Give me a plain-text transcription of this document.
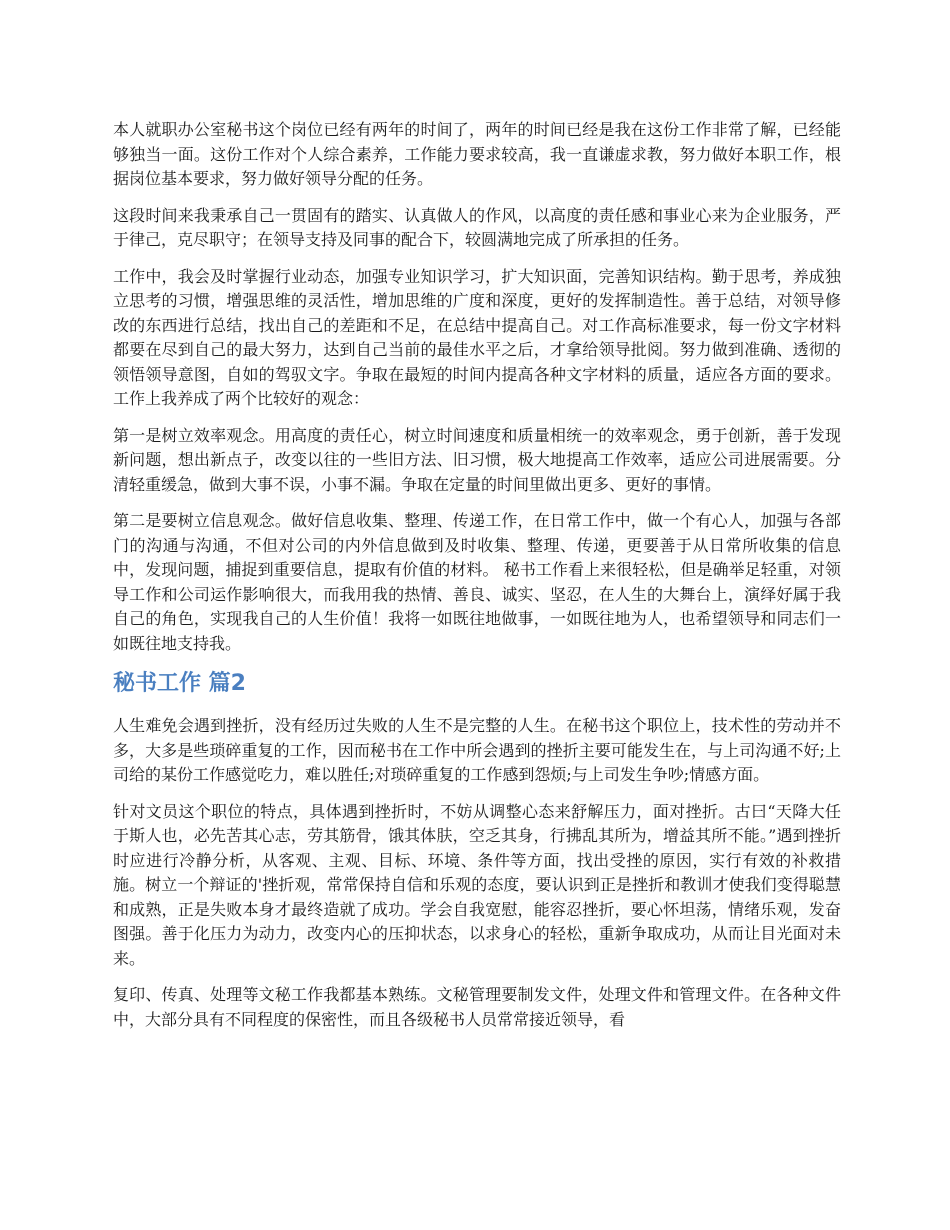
本人就职办公室秘书这个岗位已经有两年的时间了，两年的时间已经是我在这份工作非常了解，已经能够独当一面。这份工作对个人综合素养，工作能力要求较高，我一直谦虚求教，努力做好本职工作，根据岗位基本要求，努力做好领导分配的任务。

这段时间来我秉承自己一贯固有的踏实、认真做人的作风，以高度的责任感和事业心来为企业服务，严于律己，克尽职守；在领导支持及同事的配合下，较圆满地完成了所承担的任务。

工作中，我会及时掌握行业动态，加强专业知识学习，扩大知识面，完善知识结构。勤于思考，养成独立思考的习惯，增强思维的灵活性，增加思维的广度和深度，更好的发挥制造性。善于总结，对领导修改的东西进行总结，找出自己的差距和不足，在总结中提高自己。对工作高标准要求，每一份文字材料都要在尽到自己的最大努力，达到自己当前的最佳水平之后，才拿给领导批阅。努力做到准确、透彻的领悟领导意图，自如的驾驭文字。争取在最短的时间内提高各种文字材料的质量，适应各方面的要求。 工作上我养成了两个比较好的观念：

第一是树立效率观念。用高度的责任心，树立时间速度和质量相统一的效率观念，勇于创新，善于发现新问题，想出新点子，改变以往的一些旧方法、旧习惯，极大地提高工作效率，适应公司进展需要。分清轻重缓急，做到大事不误，小事不漏。争取在定量的时间里做出更多、更好的事情。

第二是要树立信息观念。做好信息收集、整理、传递工作，在日常工作中，做一个有心人，加强与各部门的沟通与沟通，不但对公司的内外信息做到及时收集、整理、传递，更要善于从日常所收集的信息中，发现问题，捕捉到重要信息，提取有价值的材料。 秘书工作看上来很轻松，但是确举足轻重，对领导工作和公司运作影响很大，而我用我的热情、善良、诚实、坚忍，在人生的大舞台上，演绎好属于我自己的角色，实现我自己的人生价值！我将一如既往地做事，一如既往地为人，也希望领导和同志们一如既往地支持我。

秘书工作 篇2

人生难免会遇到挫折，没有经历过失败的人生不是完整的人生。在秘书这个职位上，技术性的劳动并不多，大多是些琐碎重复的工作，因而秘书在工作中所会遇到的挫折主要可能发生在，与上司沟通不好;上司给的某份工作感觉吃力，难以胜任;对琐碎重复的工作感到怨烦;与上司发生争吵;情感方面。

针对文员这个职位的特点，具体遇到挫折时，不妨从调整心态来舒解压力，面对挫折。古曰“天降大任于斯人也，必先苦其心志，劳其筋骨，饿其体肤，空乏其身，行拂乱其所为，增益其所不能。”遇到挫折时应进行冷静分析，从客观、主观、目标、环境、条件等方面，找出受挫的原因，实行有效的补救措施。树立一个辩证的'挫折观，常常保持自信和乐观的态度，要认识到正是挫折和教训才使我们变得聪慧和成熟，正是失败本身才最终造就了成功。学会自我宽慰，能容忍挫折，要心怀坦荡，情绪乐观，发奋图强。善于化压力为动力，改变内心的压抑状态，以求身心的轻松，重新争取成功，从而让目光面对未来。

复印、传真、处理等文秘工作我都基本熟练。文秘管理要制发文件，处理文件和管理文件。在各种文件中，大部分具有不同程度的保密性，而且各级秘书人员常常接近领导，看
